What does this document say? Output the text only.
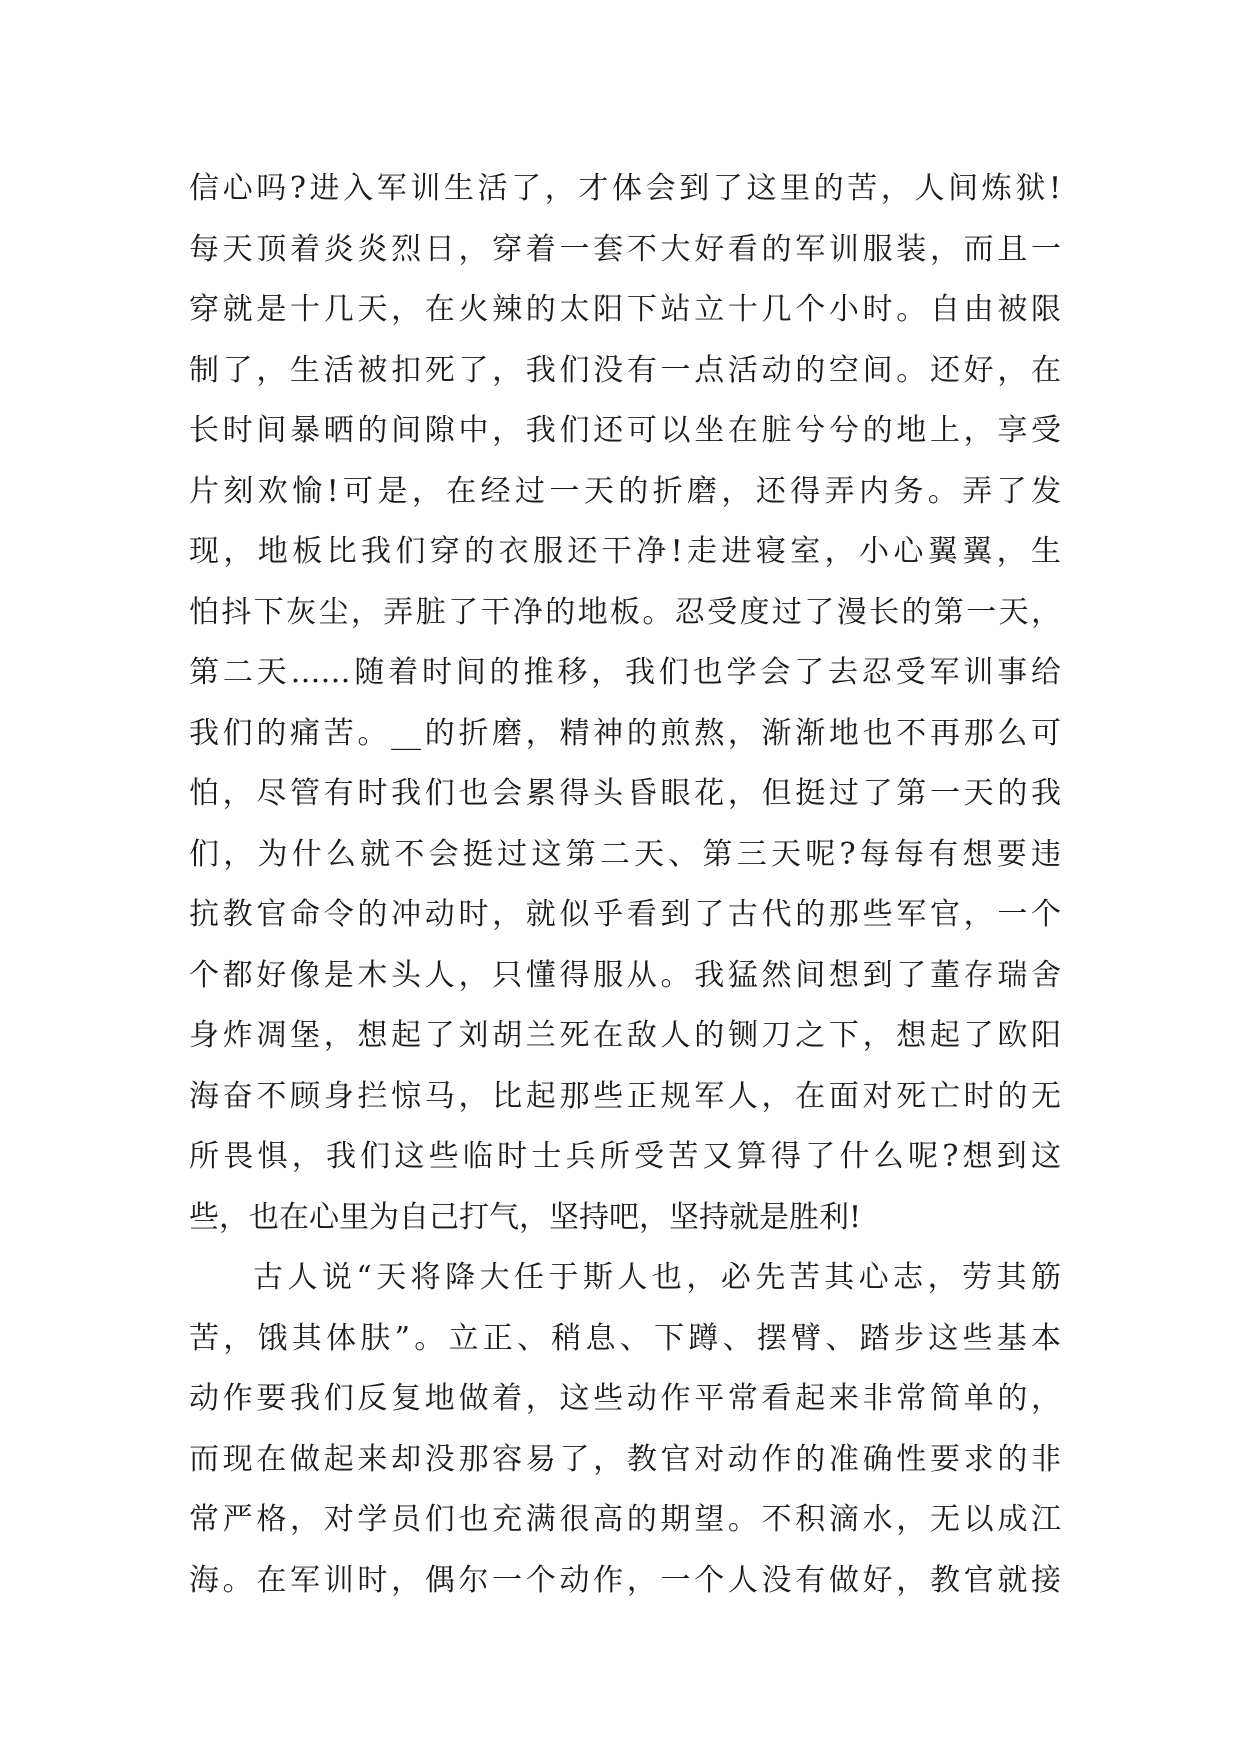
信心吗?进入军训生活了，才体会到了这里的苦，人间炼狱!
每天顶着炎炎烈日，穿着一套不大好看的军训服装，而且一
穿就是十几天，在火辣的太阳下站立十几个小时。自由被限
制了，生活被扣死了，我们没有一点活动的空间。还好，在
长时间暴晒的间隙中，我们还可以坐在脏兮兮的地上，享受
片刻欢愉!可是，在经过一天的折磨，还得弄内务。弄了发
现，地板比我们穿的衣服还干净!走进寝室，小心翼翼，生
怕抖下灰尘，弄脏了干净的地板。忍受度过了漫长的第一天，
第二天……随着时间的推移，我们也学会了去忍受军训事给
我们的痛苦。__的折磨，精神的煎熬，渐渐地也不再那么可
怕，尽管有时我们也会累得头昏眼花，但挺过了第一天的我
们，为什么就不会挺过这第二天、第三天呢?每每有想要违
抗教官命令的冲动时，就似乎看到了古代的那些军官，一个
个都好像是木头人，只懂得服从。我猛然间想到了董存瑞舍
身炸凋堡，想起了刘胡兰死在敌人的铡刀之下，想起了欧阳
海奋不顾身拦惊马，比起那些正规军人，在面对死亡时的无
所畏惧，我们这些临时士兵所受苦又算得了什么呢?想到这
些，也在心里为自己打气，坚持吧，坚持就是胜利!
古人说“天将降大任于斯人也，必先苦其心志，劳其筋
苦，饿其体肤”。立正、稍息、下蹲、摆臂、踏步这些基本
动作要我们反复地做着，这些动作平常看起来非常简单的，
而现在做起来却没那容易了，教官对动作的准确性要求的非
常严格，对学员们也充满很高的期望。不积滴水，无以成江
海。在军训时，偶尔一个动作，一个人没有做好，教官就接
